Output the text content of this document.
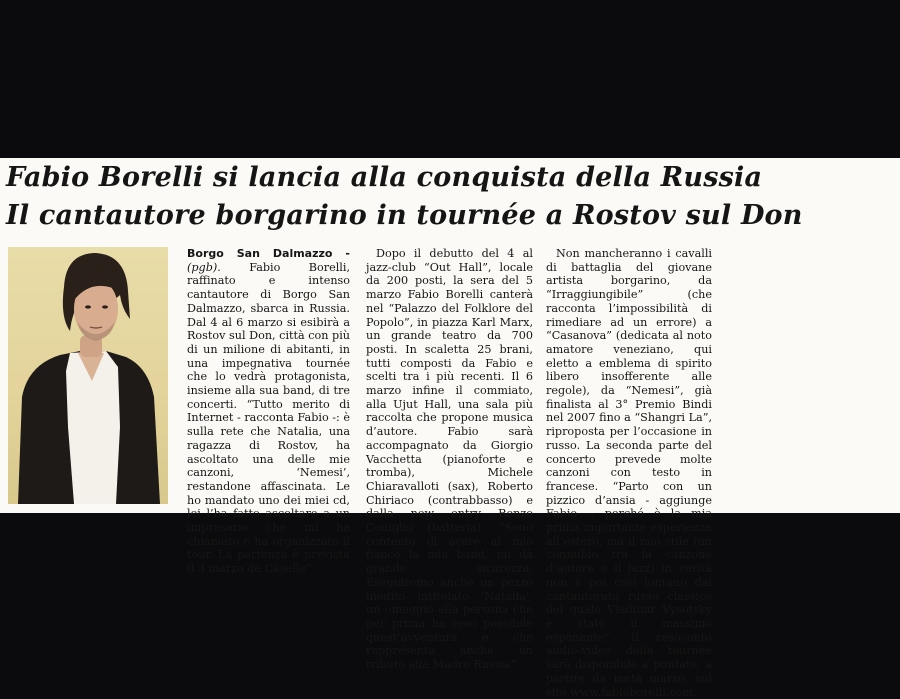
Fabio Borelli si lancia alla conquista della Russia
Il cantautore borgarino in tournée a Rostov sul Don

Borgo San Dalmazzo - (pgb).	Fabio Borelli, raffinato e intenso cantautore di Borgo San Dalmazzo, sbarca in Russia. Dal 4 al 6 marzo si esibirà a Rostov sul Don, città con più di un milione di abitanti, in una impegnativa tournée che lo vedrà protagonista, insieme alla sua band, di tre concerti. “Tutto merito di Internet - racconta Fabio -: è sulla rete che Natalia, una ragazza di Rostov, ha ascoltato una delle mie canzoni, ‘Nemesi’, restandone affascinata. Le ho mandato uno dei miei cd, lei l’ha fatto ascoltare a un impresario che mi ha chiamato e ha organizzato il tour. La partenza è prevista il 3 marzo da Caselle”.

Dopo il debutto del 4 al jazz-club “Out Hall”, locale da 200 posti, la sera del 5 marzo Fabio Borelli canterà nel “Palazzo del Folklore del Popolo”, in piazza Karl Marx, un grande teatro da 700 posti. In scaletta 25 brani, tutti composti da Fabio e scelti tra i più recenti. Il 6 marzo infine il commiato, alla Ujut Hall, una sala più raccolta che propone musica d’autore. Fabio sarà accompagnato da Giorgio Vacchetta (pianoforte e tromba), Michele Chiaravalloti (sax), Roberto Chiriaco (contrabbasso) e dalla new entry Renzo Coniglio (batteria). “Sono contento di avere al mio fianco la mia band, mi dà grande sicurezza. Eseguiremo anche un pezzo inedito intitolato ‘Natalia’, un omaggio alla persona che per prima ha reso possibile quest’avventura e che rappresenta anche un tributo alla Madre Russia”.

Non mancheranno i cavalli di battaglia del giovane artista borgarino, da “Irraggiungibile” (che racconta l’impossibilità di rimediare ad un errore) a “Casanova” (dedicata al noto amatore veneziano, qui eletto a emblema di spirito libero insofferente alle regole), da “Nemesi”, già finalista al 3° Premio Bindi nel 2007 fino a “Shangri La”, riproposta per l’occasione in russo. La seconda parte del concerto prevede molte canzoni con testo in francese. “Parto con un pizzico d’ansia - aggiunge Fabio -, perché è la mia prima importante esperienza all’estero, ma il mio stile (un connubio tra la canzone d’autore e il jazz) in verità non è poi così lontano dal cantautorato russo classico del quale Vladimir Vysotsky è stato il massimo esponente”. Il resoconto audio-video della tournée sarà disponibile a puntate, a partire da metà marzo, sul sito www.fabioborelli.com.
